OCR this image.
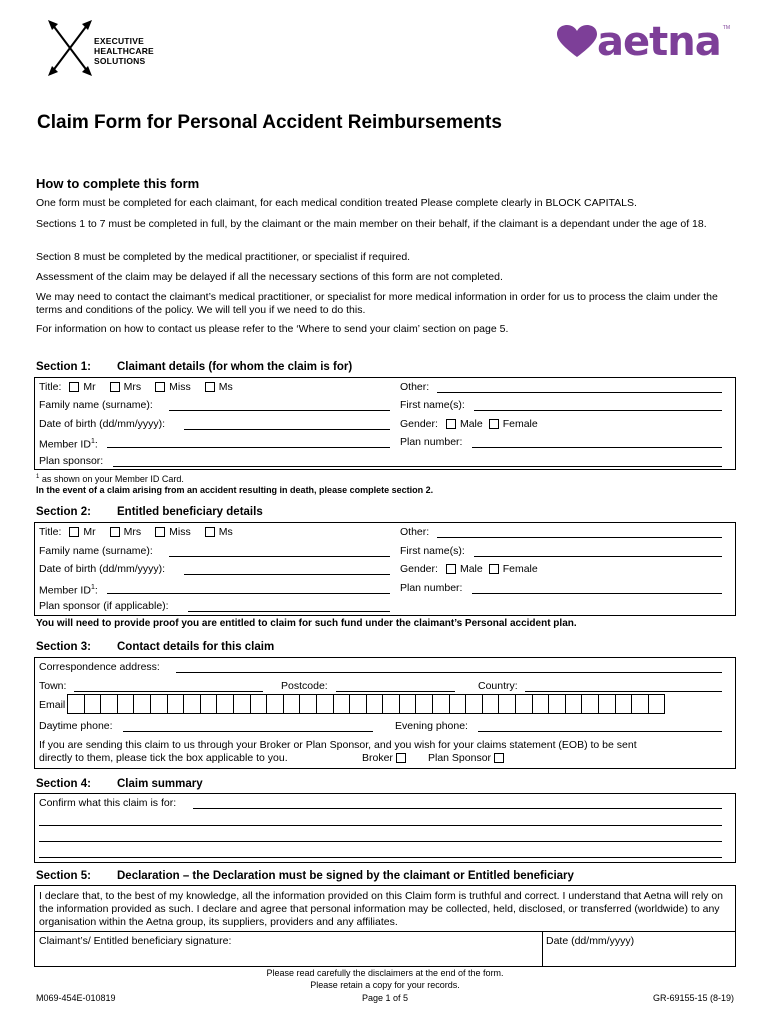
EXECUTIVE
HEALTHCARE
SOLUTIONS	aetna TM
Claim Form for Personal Accident Reimbursements
How to complete this form

One form must be completed for each claimant, for each medical condition treated Please complete clearly in BLOCK CAPITALS.

Sections 1 to 7 must be completed in full, by the claimant or the main member on their behalf, if the claimant is a dependant under the age of 18.

Section 8 must be completed by the medical practitioner, or specialist if required.

Assessment of the claim may be delayed if all the necessary sections of this form are not completed.

We may need to contact the claimant’s medical practitioner, or specialist for more medical information in order for us to process the claim under the terms and conditions of the policy. We will tell you if we need to do this.

For information on how to contact us please refer to the ‘Where to send your claim’ section on page 5.

Section 1:	Claimant details (for whom the claim is for)
Title: Mr	Mrs	Miss	Ms	Other:
Family name (surname):	First name(s):
Date of birth (dd/mm/yyyy):	Gender: Male Female
Member $ID^1$:	Plan number:
Plan sponsor:
$^1$ as shown on your Member ID Card.
In the event of a claim arising from an accident resulting in death, please complete section 2.
Section 2:	Entitled beneficiary details
Title: Mr	Mrs	Miss	Ms	Other:
Family name (surname):	First name(s):
Date of birth (dd/mm/yyyy):	Gender: Male Female
Member $ID^1$:	Plan number:
Plan sponsor (if applicable):
You will need to provide proof you are entitled to claim for such fund under the claimant’s Personal accident plan.
Section 3:	Contact details for this claim
Correspondence address:
Town:	Postcode:	Country:
Email
Daytime phone:	Evening phone:
If you are sending this claim to us through your Broker or Plan Sponsor, and you wish for your claims statement (EOB) to be sent
directly to them, please tick the box applicable to you.	Broker	Plan Sponsor
Section 4:	Claim summary
Confirm what this claim is for:
Section 5:	Declaration – the Declaration must be signed by the claimant or Entitled beneficiary

I declare that, to the best of my knowledge, all the information provided on this Claim form is truthful and correct. I understand that Aetna will rely on the information provided as such. I declare and agree that personal information may be collected, held, disclosed, or transferred (worldwide) to any organisation within the Aetna group, its suppliers, providers and any affiliates.

Claimant’s/ Entitled beneficiary signature:	Date (dd/mm/yyyy)
Please read carefully the disclaimers at the end of the form.
Please retain a copy for your records.
Page 1 of 5
M069-454E-010819	GR-69155-15 (8-19)
